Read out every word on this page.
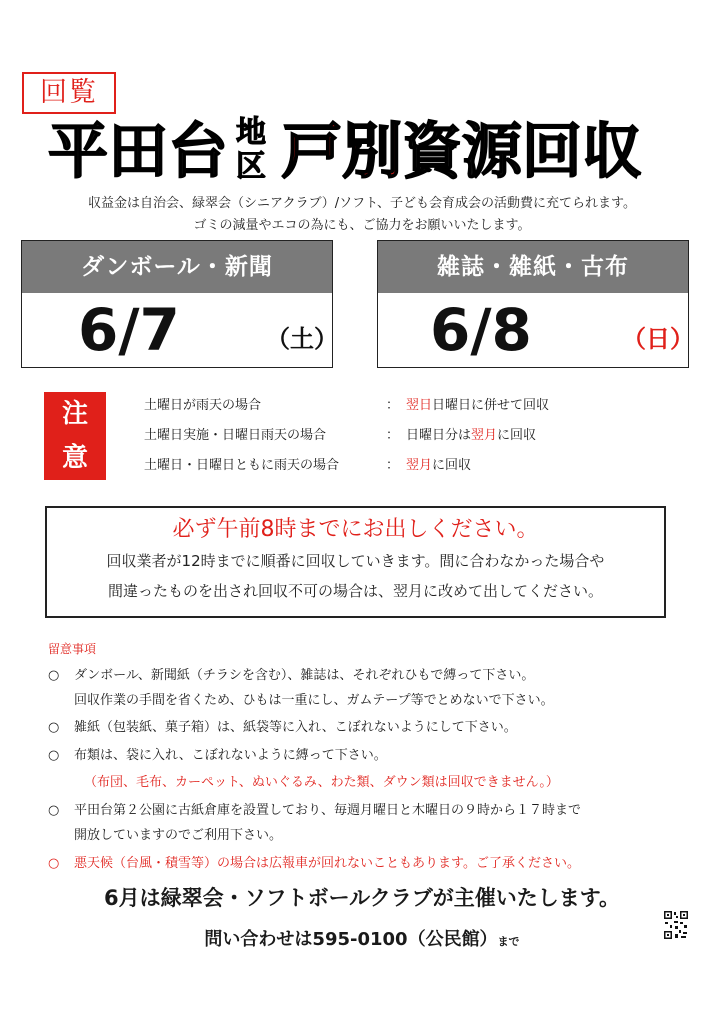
回覧
平田台 地
区 戸別 資源回収
収益金は自治会、緑翠会（シニアクラブ）/ソフト、子ども会育成会の活動費に充てられます。
ゴミの減量やエコの為にも、ご協力をお願いいたします。
ダンボール・新聞
6/7	（土）
雑誌・雑紙・古布
6/8	（日）
注
意
土曜日が雨天の場合	： 翌日日曜日に併せて回収
土曜日実施・日曜日雨天の場合	： 日曜日分は翌月に回収
土曜日・日曜日ともに雨天の場合	： 翌月に回収
必ず午前8時までにお出しください。
回収業者が12時までに順番に回収していきます。間に合わなかった場合や
間違ったものを出され回収不可の場合は、翌月に改めて出してください。
留意事項
○ ダンボール、新聞紙（チラシを含む）、雑誌は、それぞれひもで縛って下さい。
回収作業の手間を省くため、ひもは一重にし、ガムテープ等でとめないで下さい。
○ 雑紙（包装紙、菓子箱）は、紙袋等に入れ、こぼれないようにして下さい。
○ 布類は、袋に入れ、こぼれないように縛って下さい。
（布団、毛布、カーペット、ぬいぐるみ、わた類、ダウン類は回収できません。）
○ 平田台第２公園に古紙倉庫を設置しており、毎週月曜日と木曜日の９時から１７時まで
開放していますのでご利用下さい。
○ 悪天候（台風・積雪等）の場合は広報車が回れないこともあります。ご了承ください。
6月は緑翠会・ソフトボールクラブが主催いたします。
問い合わせは595-0100（公民館）まで
